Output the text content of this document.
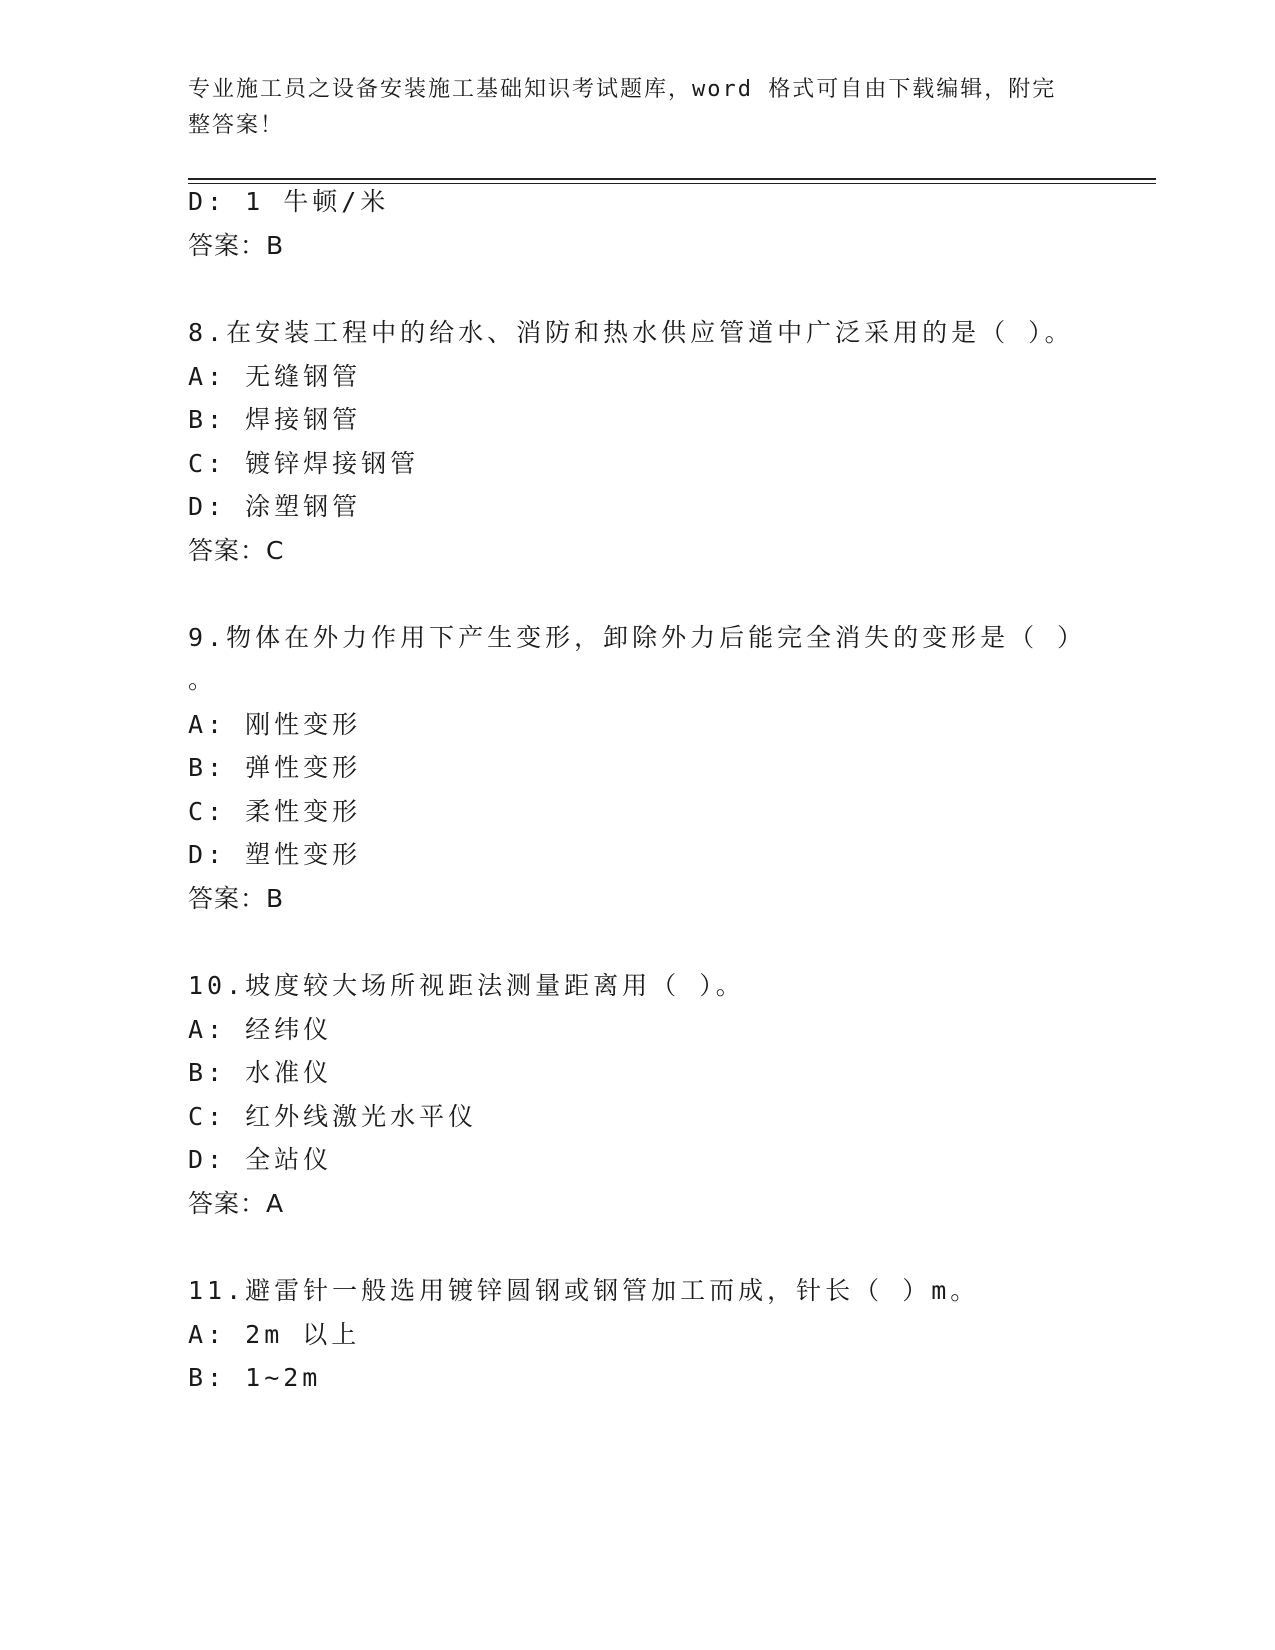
专业施工员之设备安装施工基础知识考试题库，word 格式可自由下载编辑，附完
整答案！
D: 1 牛顿/米
答案：B
8.在安装工程中的给水、消防和热水供应管道中广泛采用的是（ ）。
A: 无缝钢管
B: 焊接钢管
C: 镀锌焊接钢管
D: 涂塑钢管
答案：C
9.物体在外力作用下产生变形，卸除外力后能完全消失的变形是（ ）
。
A: 刚性变形
B: 弹性变形
C: 柔性变形
D: 塑性变形
答案：B
10.坡度较大场所视距法测量距离用（ ）。
A: 经纬仪
B: 水准仪
C: 红外线激光水平仪
D: 全站仪
答案：A
11.避雷针一般选用镀锌圆钢或钢管加工而成，针长（ ）m。
A: 2m 以上
B: 1~2m
